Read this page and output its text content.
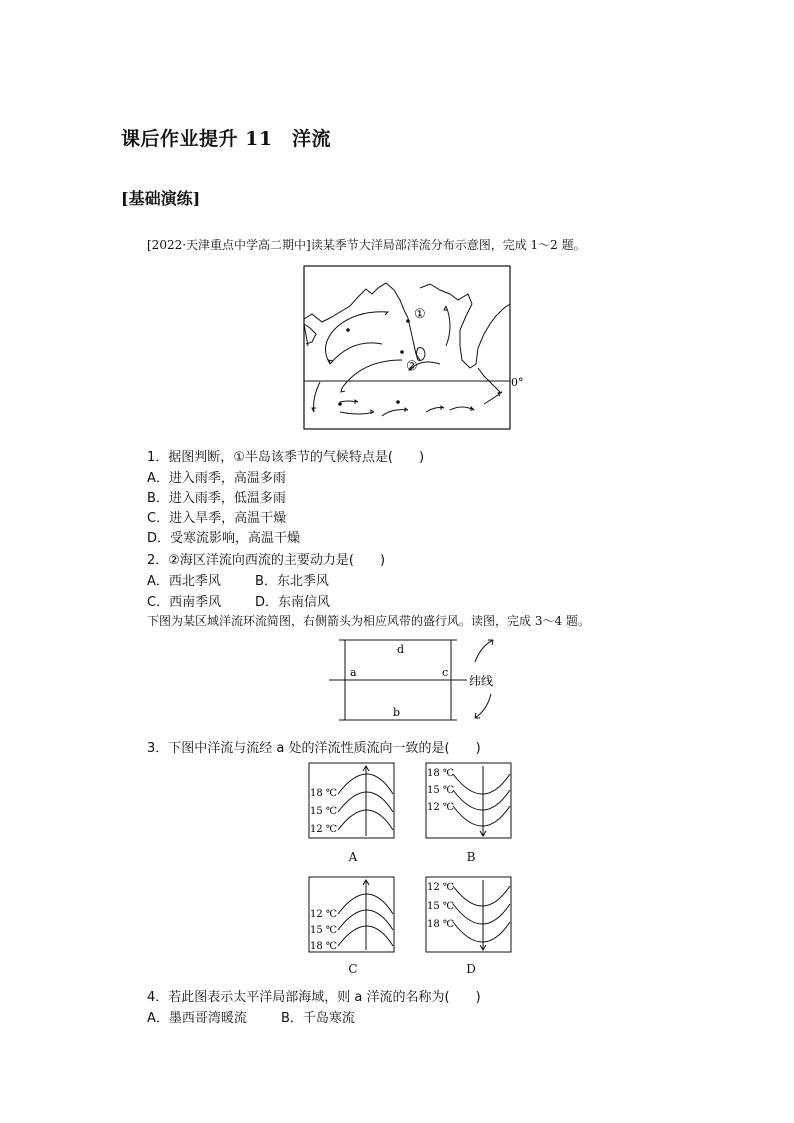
课后作业提升 11　洋流
[基础演练]
[2022·天津重点中学高二期中]读某季节大洋局部洋流分布示意图，完成 1～2 题。
0°
①
②
1．据图判断，①半岛该季节的气候特点是(　　)
A．进入雨季，高温多雨
B．进入雨季，低温多雨
C．进入旱季，高温干燥
D．受寒流影响，高温干燥
2．②海区洋流向西流的主要动力是(　　)
A．西北季风	B．东北季风
C．西南季风	D．东南信风
下图为某区域洋流环流简图，右侧箭头为相应风带的盛行风。读图，完成 3～4 题。
d
a	c
b
纬线
3．下图中洋流与流经 a 处的洋流性质流向一致的是(　　)
18 ℃
15 ℃
12 ℃
A
18 ℃
15 ℃
12 ℃
B
12 ℃
15 ℃
18 ℃
C
12 ℃
15 ℃
18 ℃
D
4．若此图表示太平洋局部海域，则 a 洋流的名称为(　　)
A．墨西哥湾暖流	B．千岛寒流
